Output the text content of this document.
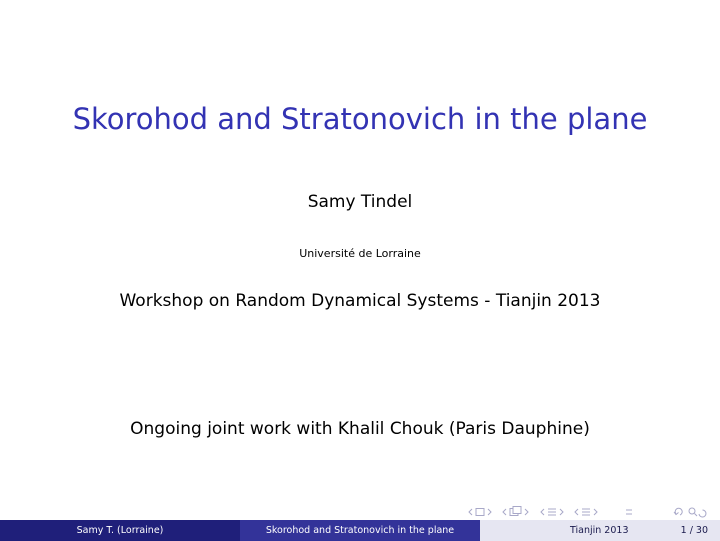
Skorohod and Stratonovich in the plane
Samy Tindel
Université de Lorraine
Workshop on Random Dynamical Systems - Tianjin 2013
Ongoing joint work with Khalil Chouk (Paris Dauphine)
Samy T. (Lorraine)	Skorohod and Stratonovich in the plane	Tianjin 2013	1 / 30
